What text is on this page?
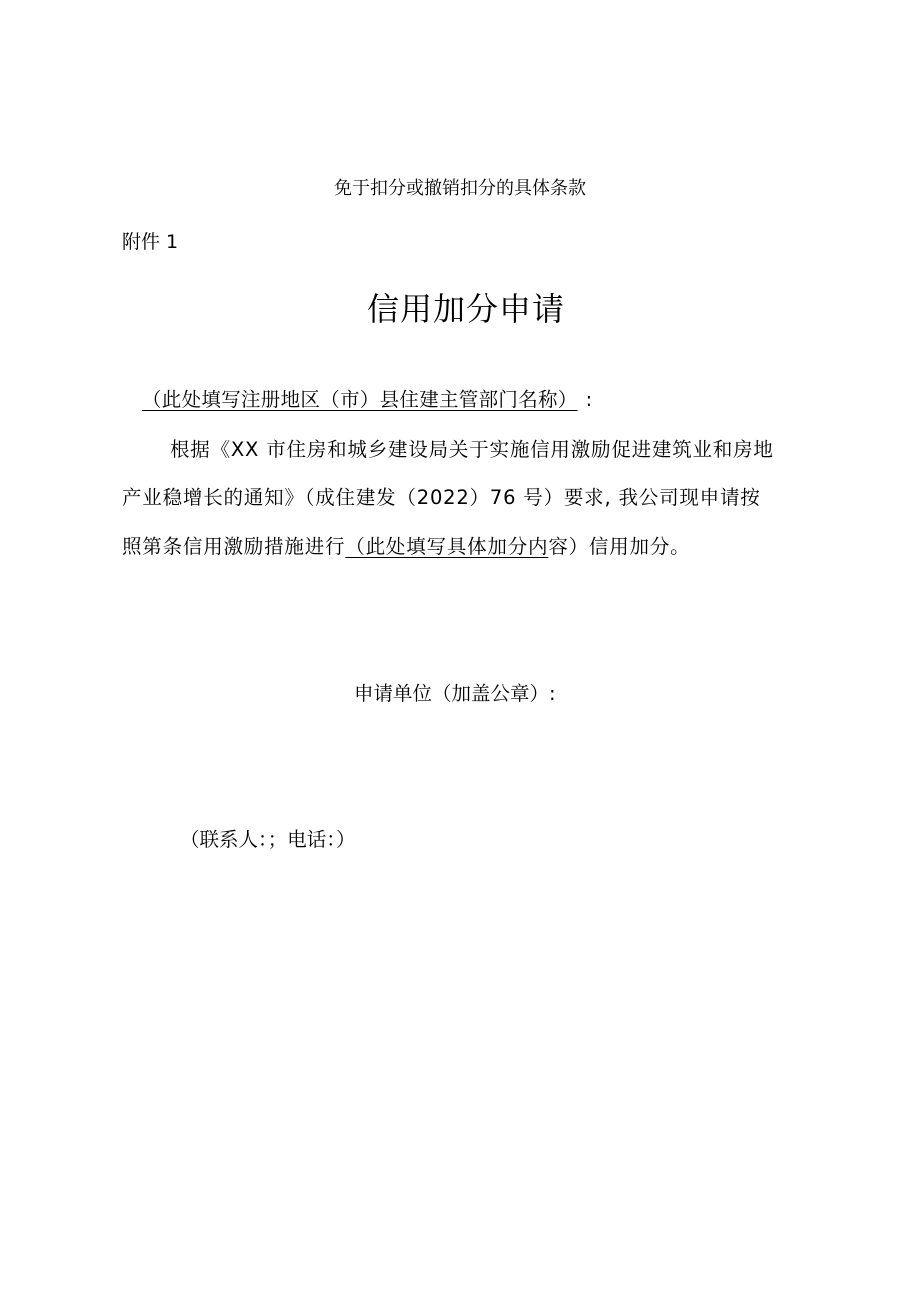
免于扣分或撤销扣分的具体条款
附件 1
信用加分申请
（此处填写注册地区（市）县住建主管部门名称） :
根据《XX 市住房和城乡建设局关于实施信用激励促进建筑业和房地
产业稳增长的通知》（成住建发（2022）76 号）要求, 我公司现申请按
照第条信用激励措施进行（此处填写具体加分内容）信用加分。
申请单位（加盖公章）:
（联系人：；电话：）
